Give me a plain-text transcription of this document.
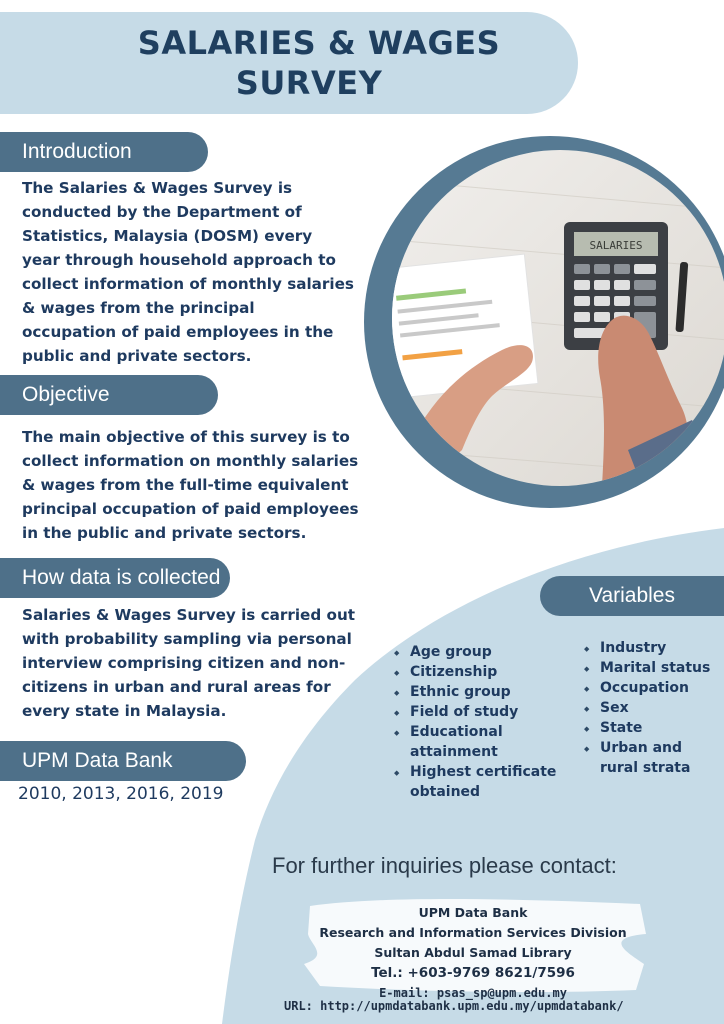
SALARIES & WAGES
SURVEY
Introduction
The Salaries & Wages Survey is
conducted by the Department of
Statistics, Malaysia (DOSM) every
year through household approach to
collect information of monthly salaries
& wages from the principal
occupation of paid employees in the
public and private sectors.
Objective
The main objective of this survey is to
collect information on monthly salaries
& wages from the full-time equivalent
principal occupation of paid employees
in the public and private sectors.
How data is collected
Salaries & Wages Survey is carried out
with probability sampling via personal
interview comprising citizen and non-
citizens in urban and rural areas for
every state in Malaysia.
UPM Data Bank
2010, 2013, 2016, 2019
SALARIES
Variables
◆ Age group
◆ Citizenship
◆ Ethnic group
◆ Field of study
◆ Educational attainment
◆ Highest certificate obtained
◆ Industry
◆ Marital status
◆ Occupation
◆ Sex
◆ State
◆ Urban and rural strata
For further inquiries please contact:
UPM Data Bank
Research and Information Services Division
Sultan Abdul Samad Library
Tel.: +603-9769 8621/7596
E-mail: psas_sp@upm.edu.my
URL: http://upmdatabank.upm.edu.my/upmdatabank/
